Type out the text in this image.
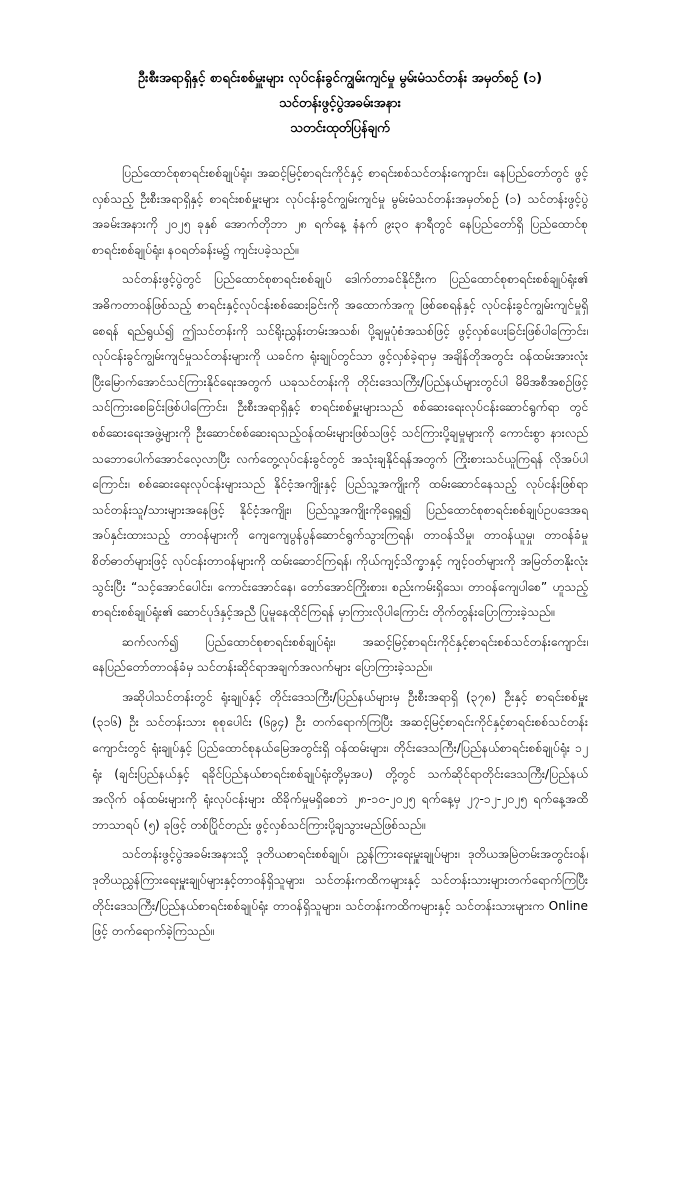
ဦးစီးအရာရှိနှင့် စာရင်းစစ်မှူးများ လုပ်ငန်းခွင်ကျွမ်းကျင်မှု မွမ်းမံသင်တန်း အမှတ်စဉ် (၁)
သင်တန်းဖွင့်ပွဲအခမ်းအနား
သတင်းထုတ်ပြန်ချက်

ပြည်ထောင်စုစာရင်းစစ်ချုပ်ရုံး၊ အဆင့်မြင့်စာရင်းကိုင်နှင့် စာရင်းစစ်သင်တန်းကျောင်း၊ နေပြည်တော်တွင် ဖွင့်လှစ်သည့် ဦးစီးအရာရှိနှင့် စာရင်းစစ်မှူးများ လုပ်ငန်းခွင်ကျွမ်းကျင်မှု မွမ်းမံသင်တန်းအမှတ်စဉ် (၁) သင်တန်းဖွင့်ပွဲအခမ်းအနားကို ၂၀၂၅ ခုနှစ် အောက်တိုဘာ ၂၈ ရက်နေ့ နံနက် ၉း၃၀ နာရီတွင် နေပြည်တော်ရှိ ပြည်ထောင်စုစာရင်းစစ်ချုပ်ရုံး၊ နဝရတ်ခန်းမ၌ ကျင်းပခဲ့သည်။

သင်တန်းဖွင့်ပွဲတွင် ပြည်ထောင်စုစာရင်းစစ်ချုပ် ဒေါက်တာခင်နိုင်ဦးက ပြည်ထောင်စုစာရင်းစစ်ချုပ်ရုံး၏ အဓိကတာဝန်ဖြစ်သည့် စာရင်းနှင့်လုပ်ငန်းစစ်ဆေးခြင်းကို အထောက်အကူ ဖြစ်စေရန်နှင့် လုပ်ငန်းခွင်ကျွမ်းကျင်မှုရှိစေရန် ရည်ရွယ်၍ ဤသင်တန်းကို သင်ရိုးညွှန်းတမ်းအသစ်၊ ပို့ချမှုပုံစံအသစ်ဖြင့် ဖွင့်လှစ်ပေးခြင်းဖြစ်ပါကြောင်း၊ လုပ်ငန်းခွင်ကျွမ်းကျင်မှုသင်တန်းများကို ယခင်က ရုံးချုပ်တွင်သာ ဖွင့်လှစ်ခဲ့ရာမှ အချိန်တိုအတွင်း ဝန်ထမ်းအားလုံး ပြီးမြောက်အောင်သင်ကြားနိုင်ရေးအတွက် ယခုသင်တန်းကို တိုင်းဒေသကြီး/ပြည်နယ်များတွင်ပါ မိမိအစီအစဉ်ဖြင့် သင်ကြားစေခြင်းဖြစ်ပါကြောင်း၊ ဦးစီးအရာရှိနှင့် စာရင်းစစ်မှူးများသည် စစ်ဆေးရေးလုပ်ငန်းဆောင်ရွက်ရာ တွင် စစ်ဆေးရေးအဖွဲ့များကို ဦးဆောင်စစ်ဆေးရသည့်ဝန်ထမ်းများဖြစ်သဖြင့် သင်ကြားပို့ချမှုများကို ကောင်းစွာ နားလည်သဘောပေါက်အောင်လေ့လာပြီး လက်တွေ့လုပ်ငန်းခွင်တွင် အသုံးချနိုင်ရန်အတွက် ကြိုးစားသင်ယူကြရန် လိုအပ်ပါကြောင်း၊ စစ်ဆေးရေးလုပ်ငန်းများသည် နိုင်ငံ့အကျိုးနှင့် ပြည်သူ့အကျိုးကို ထမ်းဆောင်နေသည့် လုပ်ငန်းဖြစ်ရာ သင်တန်းသူ/သားများအနေဖြင့် နိုင်ငံ့အကျိုး၊ ပြည်သူ့အကျိုးကိုရှေ့ရှု၍ ပြည်ထောင်စုစာရင်းစစ်ချုပ်ဥပဒေအရအပ်နှင်းထားသည့် တာဝန်များကို ကျေကျေပွန်ပွန်ဆောင်ရွက်သွားကြရန်၊ တာဝန်သိမှု၊ တာဝန်ယူမှု၊ တာဝန်ခံမှုစိတ်ဓာတ်များဖြင့် လုပ်ငန်းတာဝန်များကို ထမ်းဆောင်ကြရန်၊ ကိုယ်ကျင့်သိက္ခာနှင့် ကျင့်ဝတ်များကို အမြတ်တနိုးလုံးသွင်းပြီး “သင့်အောင်ပေါင်း၊ ကောင်းအောင်နေ၊ တော်အောင်ကြိုးစား၊ စည်းကမ်းရှိသေ၊ တာဝန်ကျေပါစေ” ဟူသည့် စာရင်းစစ်ချုပ်ရုံး၏ ဆောင်ပုဒ်နှင့်အညီ ပြုမူနေထိုင်ကြရန် မှာကြားလိုပါကြောင်း တိုက်တွန်းပြောကြားခဲ့သည်။

ဆက်လက်၍ ပြည်ထောင်စုစာရင်းစစ်ချုပ်ရုံး၊ အဆင့်မြင့်စာရင်းကိုင်နှင့်စာရင်းစစ်သင်တန်းကျောင်း၊ နေပြည်တော်တာဝန်ခံမှ သင်တန်းဆိုင်ရာအချက်အလက်များ ပြောကြားခဲ့သည်။

အဆိုပါသင်တန်းတွင် ရုံးချုပ်နှင့် တိုင်းဒေသကြီး/ပြည်နယ်များမှ ဦးစီးအရာရှိ (၃၇၈) ဦးနှင့် စာရင်းစစ်မှူး (၃၁၆) ဦး သင်တန်းသား စုစုပေါင်း (၆၉၄) ဦး တက်ရောက်ကြပြီး အဆင့်မြင့်စာရင်းကိုင်နှင့်စာရင်းစစ်သင်တန်းကျောင်းတွင် ရုံးချုပ်နှင့် ပြည်ထောင်စုနယ်မြေအတွင်းရှိ ဝန်ထမ်းများ၊ တိုင်းဒေသကြီး/ပြည်နယ်စာရင်းစစ်ချုပ်ရုံး ၁၂ ရုံး (ချင်းပြည်နယ်နှင့် ရခိုင်ပြည်နယ်စာရင်းစစ်ချုပ်ရုံးတို့မှအပ) တို့တွင် သက်ဆိုင်ရာတိုင်းဒေသကြီး/ပြည်နယ်အလိုက် ဝန်ထမ်းများကို ရုံးလုပ်ငန်းများ ထိခိုက်မှုမရှိစေဘဲ ၂၈-၁၀-၂၀၂၅ ရက်နေ့မှ ၂၇-၁၂-၂၀၂၅ ရက်နေ့အထိ ဘာသာရပ် (၅) ခုဖြင့် တစ်ပြိုင်တည်း ဖွင့်လှစ်သင်ကြားပို့ချသွားမည်ဖြစ်သည်။

သင်တန်းဖွင့်ပွဲအခမ်းအနားသို့ ဒုတိယစာရင်းစစ်ချုပ်၊ ညွှန်ကြားရေးမှူးချုပ်များ၊ ဒုတိယအမြဲတမ်းအတွင်းဝန်၊ ဒုတိယညွှန်ကြားရေးမှူးချုပ်များနှင့်တာဝန်ရှိသူများ၊ သင်တန်းကထိကများနှင့် သင်တန်းသားများတက်ရောက်ကြပြီး တိုင်းဒေသကြီး/ပြည်နယ်စာရင်းစစ်ချုပ်ရုံး တာဝန်ရှိသူများ၊ သင်တန်းကထိကများနှင့် သင်တန်းသားများက Online ဖြင့် တက်ရောက်ခဲ့ကြသည်။
